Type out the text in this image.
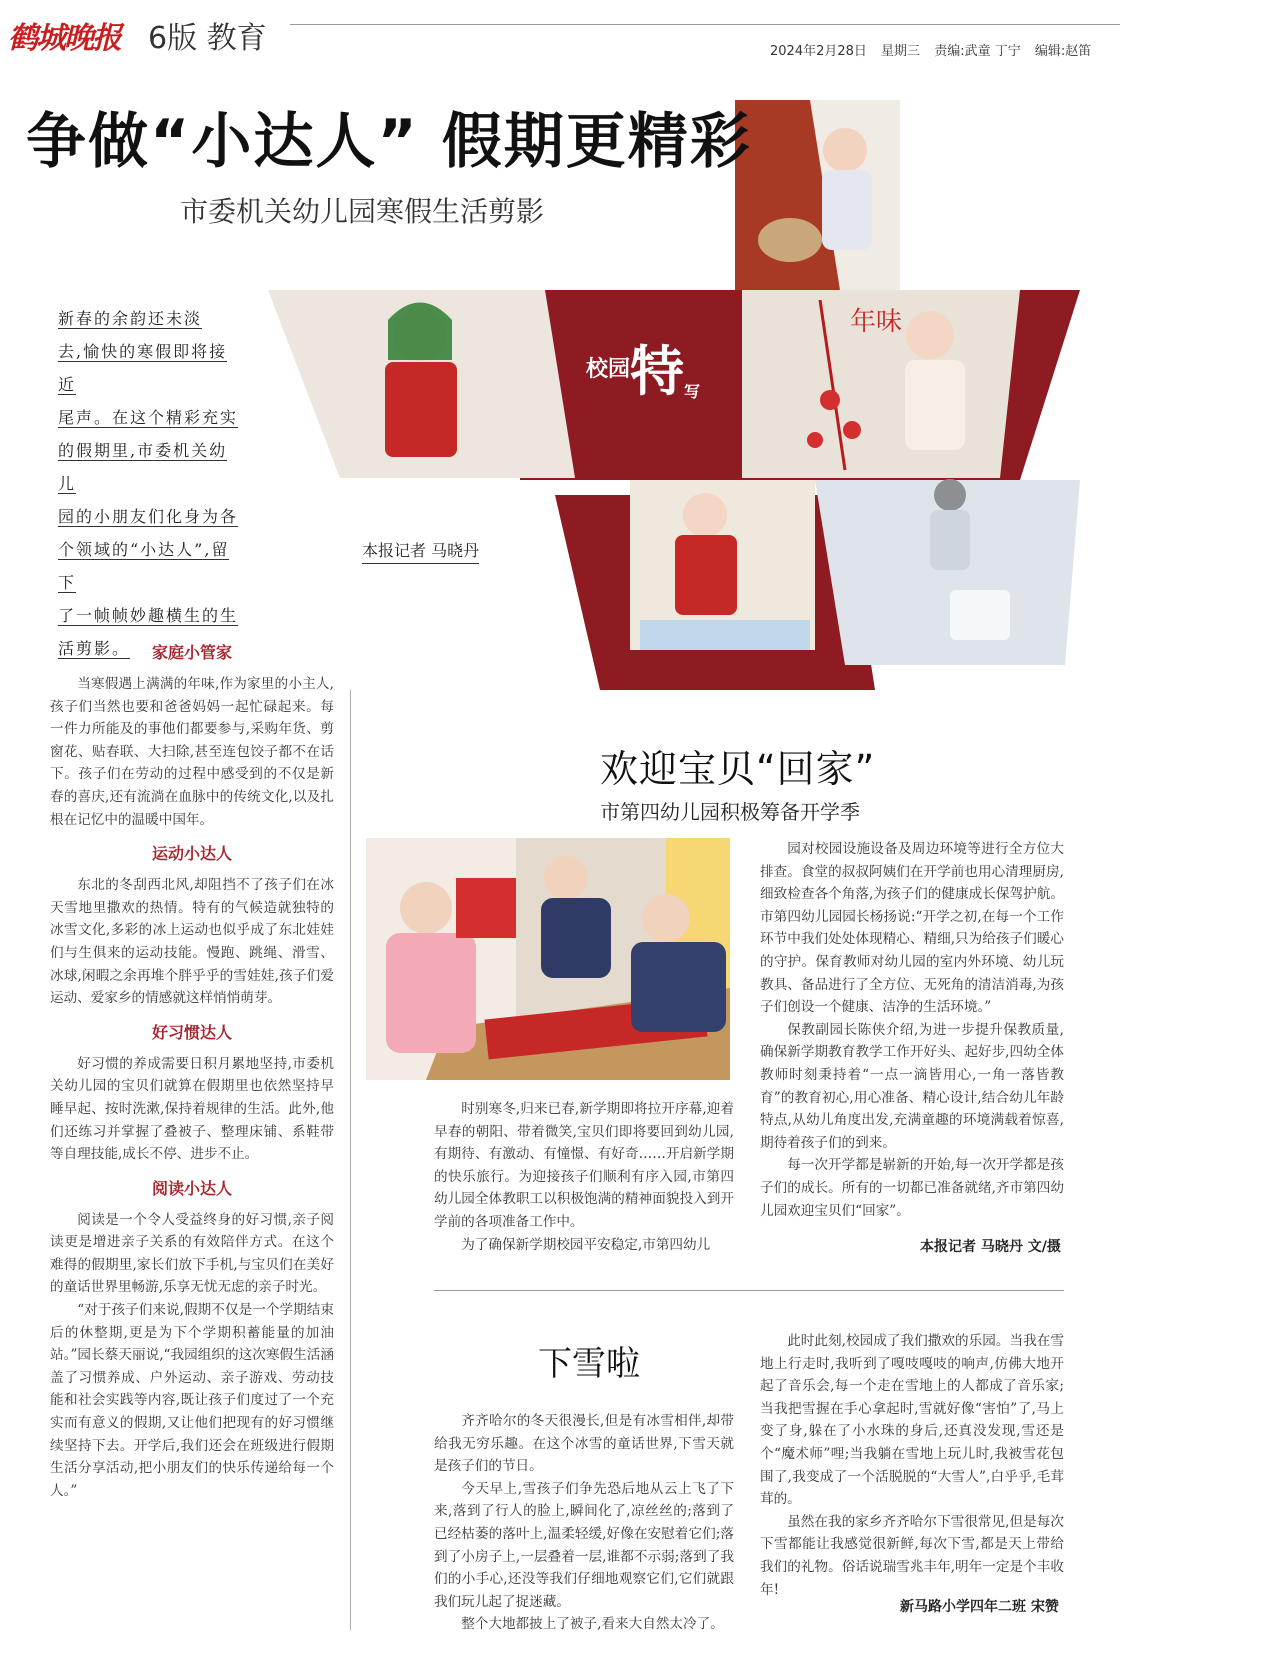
鹤城晚报 6版 教育	2024年2月28日 星期三 责编:武童 丁宁 编辑:赵笛
年味
争做“小达人” 假期更精彩
市委机关幼儿园寒假生活剪影
校园特写
新春的余韵还未淡
去,愉快的寒假即将接近
尾声。在这个精彩充实
的假期里,市委机关幼儿
园的小朋友们化身为各
个领域的“小达人”,留下
了一帧帧妙趣横生的生
活剪影。
本报记者 马晓丹
家庭小管家

当寒假遇上满满的年味,作为家里的小主人,孩子们当然也要和爸爸妈妈一起忙碌起来。每一件力所能及的事他们都要参与,采购年货、剪窗花、贴春联、大扫除,甚至连包饺子都不在话下。孩子们在劳动的过程中感受到的不仅是新春的喜庆,还有流淌在血脉中的传统文化,以及扎根在记忆中的温暖中国年。

运动小达人

东北的冬刮西北风,却阻挡不了孩子们在冰天雪地里撒欢的热情。特有的气候造就独特的冰雪文化,多彩的冰上运动也似乎成了东北娃娃们与生俱来的运动技能。慢跑、跳绳、滑雪、冰球,闲暇之余再堆个胖乎乎的雪娃娃,孩子们爱运动、爱家乡的情感就这样悄悄萌芽。

好习惯达人

好习惯的养成需要日积月累地坚持,市委机关幼儿园的宝贝们就算在假期里也依然坚持早睡早起、按时洗漱,保持着规律的生活。此外,他们还练习并掌握了叠被子、整理床铺、系鞋带等自理技能,成长不停、进步不止。

阅读小达人

阅读是一个令人受益终身的好习惯,亲子阅读更是增进亲子关系的有效陪伴方式。在这个难得的假期里,家长们放下手机,与宝贝们在美好的童话世界里畅游,乐享无忧无虑的亲子时光。

“对于孩子们来说,假期不仅是一个学期结束后的休整期,更是为下个学期积蓄能量的加油站。”园长蔡天丽说,“我园组织的这次寒假生活涵盖了习惯养成、户外运动、亲子游戏、劳动技能和社会实践等内容,既让孩子们度过了一个充实而有意义的假期,又让他们把现有的好习惯继续坚持下去。开学后,我们还会在班级进行假期生活分享活动,把小朋友们的快乐传递给每一个人。”

欢迎宝贝“回家”
市第四幼儿园积极筹备开学季

时别寒冬,归来已春,新学期即将拉开序幕,迎着早春的朝阳、带着微笑,宝贝们即将要回到幼儿园,有期待、有激动、有憧憬、有好奇……开启新学期的快乐旅行。为迎接孩子们顺利有序入园,市第四幼儿园全体教职工以积极饱满的精神面貌投入到开学前的各项准备工作中。

为了确保新学期校园平安稳定,市第四幼儿

园对校园设施设备及周边环境等进行全方位大排查。食堂的叔叔阿姨们在开学前也用心清理厨房,细致检查各个角落,为孩子们的健康成长保驾护航。市第四幼儿园园长杨扬说:“开学之初,在每一个工作环节中我们处处体现精心、精细,只为给孩子们暖心的守护。保育教师对幼儿园的室内外环境、幼儿玩教具、备品进行了全方位、无死角的清洁消毒,为孩子们创设一个健康、洁净的生活环境。”

保教副园长陈侠介绍,为进一步提升保教质量,确保新学期教育教学工作开好头、起好步,四幼全体教师时刻秉持着“一点一滴皆用心,一角一落皆教育”的教育初心,用心准备、精心设计,结合幼儿年龄特点,从幼儿角度出发,充满童趣的环境满载着惊喜,期待着孩子们的到来。

每一次开学都是崭新的开始,每一次开学都是孩子们的成长。所有的一切都已准备就绪,齐市第四幼儿园欢迎宝贝们“回家”。

本报记者 马晓丹 文/摄
下雪啦

齐齐哈尔的冬天很漫长,但是有冰雪相伴,却带给我无穷乐趣。在这个冰雪的童话世界,下雪天就是孩子们的节日。

今天早上,雪孩子们争先恐后地从云上飞了下来,落到了行人的脸上,瞬间化了,凉丝丝的;落到了已经枯萎的落叶上,温柔轻缓,好像在安慰着它们;落到了小房子上,一层叠着一层,谁都不示弱;落到了我们的小手心,还没等我们仔细地观察它们,它们就跟我们玩儿起了捉迷藏。

整个大地都披上了被子,看来大自然太冷了。

此时此刻,校园成了我们撒欢的乐园。当我在雪地上行走时,我听到了嘎吱嘎吱的响声,仿佛大地开起了音乐会,每一个走在雪地上的人都成了音乐家;当我把雪握在手心拿起时,雪就好像“害怕”了,马上变了身,躲在了小水珠的身后,还真没发现,雪还是个“魔术师”哩;当我躺在雪地上玩儿时,我被雪花包围了,我变成了一个活脱脱的“大雪人”,白乎乎,毛茸茸的。

虽然在我的家乡齐齐哈尔下雪很常见,但是每次下雪都能让我感觉很新鲜,每次下雪,都是天上带给我们的礼物。俗话说瑞雪兆丰年,明年一定是个丰收年!

新马路小学四年二班 宋赞
